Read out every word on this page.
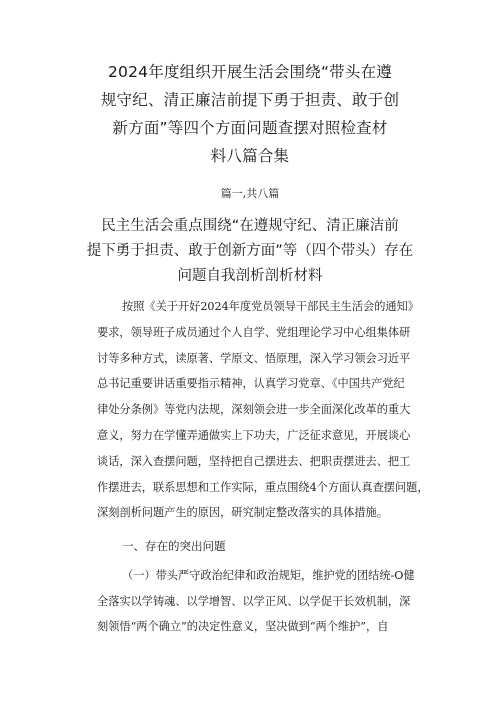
2024年度组织开展生活会围绕“带头在遵
规守纪、清正廉洁前提下勇于担责、敢于创
新方面”等四个方面问题查摆对照检查材
料八篇合集
篇一,共八篇
民主生活会重点围绕“在遵规守纪、清正廉洁前
提下勇于担责、敢于创新方面”等（四个带头）存在
问题自我剖析剖析材料
按照《关于开好2024年度党员领导干部民主生活会的通知》
要求，领导班子成员通过个人自学、党组理论学习中心组集体研
讨等多种方式，读原著、学原文、悟原理，深入学习领会习近平
总书记重要讲话重要指示精神，认真学习党章、《中国共产党纪
律处分条例》等党内法规，深刻领会进一步全面深化改革的重大
意义，努力在学懂弄通做实上下功夫，广泛征求意见，开展谈心
谈话，深入查摆问题，坚持把自己摆进去、把职责摆进去、把工
作摆进去，联系思想和工作实际，重点围绕4个方面认真查摆问题，
深刻剖析问题产生的原因，研究制定整改落实的具体措施。
一、存在的突出问题
（一）带头严守政治纪律和政治规矩，维护党的团结统-O健
全落实以学铸魂、以学增智、以学正风、以学促干长效机制，深
刻领悟“两个确立”的决定性意义，坚决做到“两个维护”，自
